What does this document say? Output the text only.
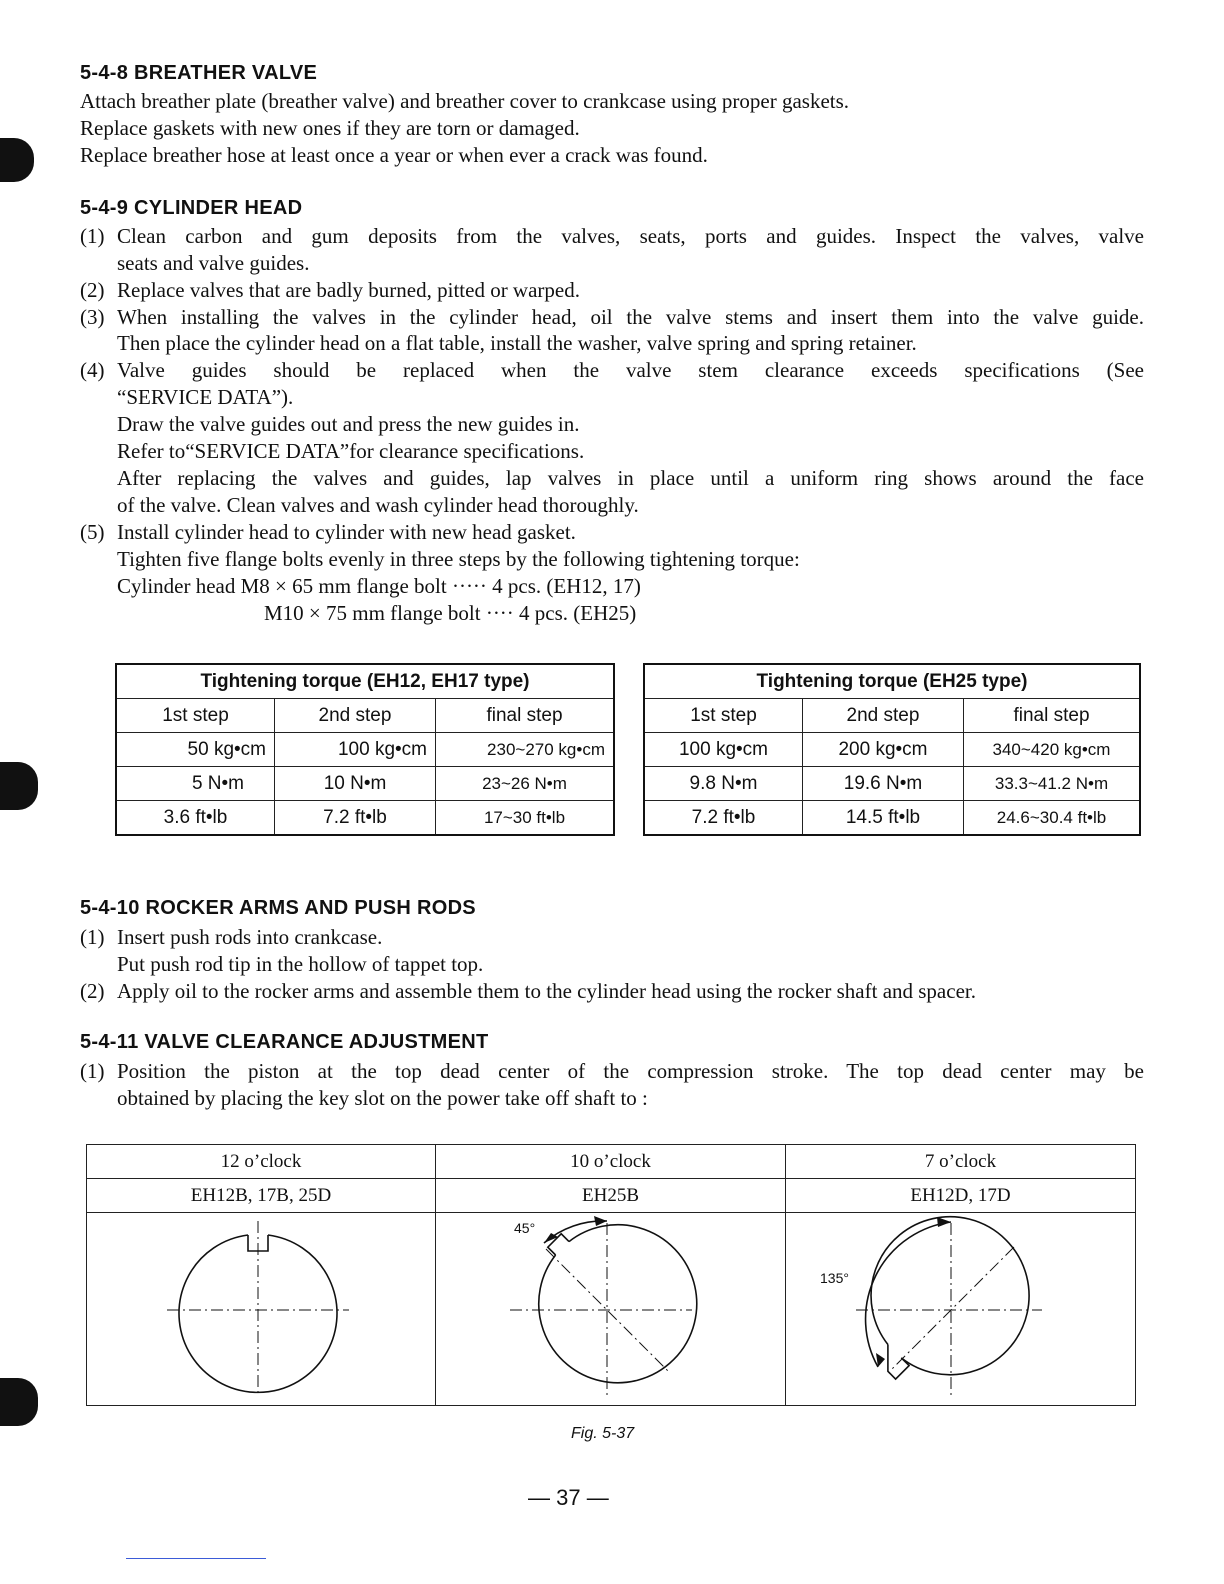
5-4-8 BREATHER VALVE
Attach breather plate (breather valve) and breather cover to crankcase using proper gaskets.
Replace gaskets with new ones if they are torn or damaged.
Replace breather hose at least once a year or when ever a crack was found.
5-4-9 CYLINDER HEAD
(1) Clean carbon and gum deposits from the valves, seats, ports and guides. Inspect the valves, valve
seats and valve guides.
(2) Replace valves that are badly burned, pitted or warped.
(3) When installing the valves in the cylinder head, oil the valve stems and insert them into the valve guide.
Then place the cylinder head on a flat table, install the washer, valve spring and spring retainer.
(4) Valve guides should be replaced when the valve stem clearance exceeds specifications (See
“SERVICE DATA”).
Draw the valve guides out and press the new guides in.
Refer to“SERVICE DATA”for clearance specifications.
After replacing the valves and guides, lap valves in place until a uniform ring shows around the face
of the valve. Clean valves and wash cylinder head thoroughly.
(5) Install cylinder head to cylinder with new head gasket.
Tighten five flange bolts evenly in three steps by the following tightening torque:
Cylinder head M8 × 65 mm flange bolt ····· 4 pcs. (EH12, 17)
M10 × 75 mm flange bolt ···· 4 pcs. (EH25)
Tightening torque (EH12, EH17 type)		
1st step	2nd step	final step
50 kg•cm	100 kg•cm	230~270 kg•cm
5 N•m	10 N•m	23~26 N•m
3.6 ft•lb	7.2 ft•lb	17~30 ft•lb
Tightening torque (EH25 type)		
1st step	2nd step	final step
100 kg•cm	200 kg•cm	340~420 kg•cm
9.8 N•m	19.6 N•m	33.3~41.2 N•m
7.2 ft•lb	14.5 ft•lb	24.6~30.4 ft•lb
5-4-10 ROCKER ARMS AND PUSH RODS
(1) Insert push rods into crankcase.
Put push rod tip in the hollow of tappet top.
(2) Apply oil to the rocker arms and assemble them to the cylinder head using the rocker shaft and spacer.
5-4-11 VALVE CLEARANCE ADJUSTMENT
(1) Position the piston at the top dead center of the compression stroke. The top dead center may be
obtained by placing the key slot on the power take off shaft to :
12 o’clock	10 o’clock	7 o’clock
EH12B, 17B, 25D	EH25B	EH12D, 17D

45°	135°
Fig. 5-37
— 37 —
